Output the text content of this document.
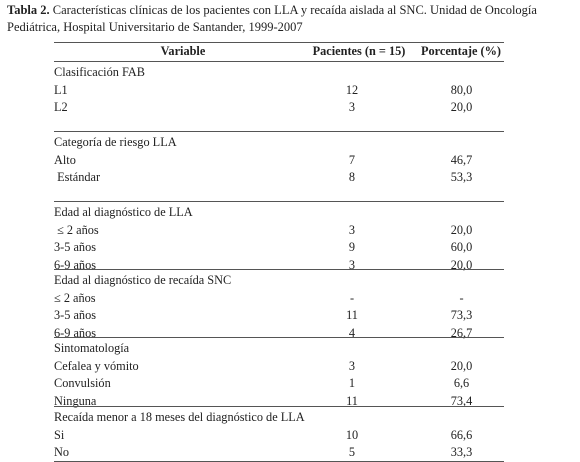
Tabla 2. Características clínicas de los pacientes con LLA y recaída aislada al SNC. Unidad de Oncología Pediátrica, Hospital Universitario de Santander, 1999-2007
Variable	Pacientes (n = 15)	Porcentaje (%)
Clasificación FAB
L1	12	80,0
L2	3	20,0
Categoría de riesgo LLA
Alto	7	46,7
Estándar	8	53,3
Edad al diagnóstico de LLA
≤ 2 años	3	20,0
3-5 años	9	60,0
6-9 años	3	20,0
Edad al diagnóstico de recaída SNC
≤ 2 años	-	-
3-5 años	11	73,3
6-9 años	4	26,7
Sintomatología
Cefalea y vómito	3	20,0
Convulsión	1	6,6
Ninguna	11	73,4
Recaída menor a 18 meses del diagnóstico de LLA
Si	10	66,6
No	5	33,3
